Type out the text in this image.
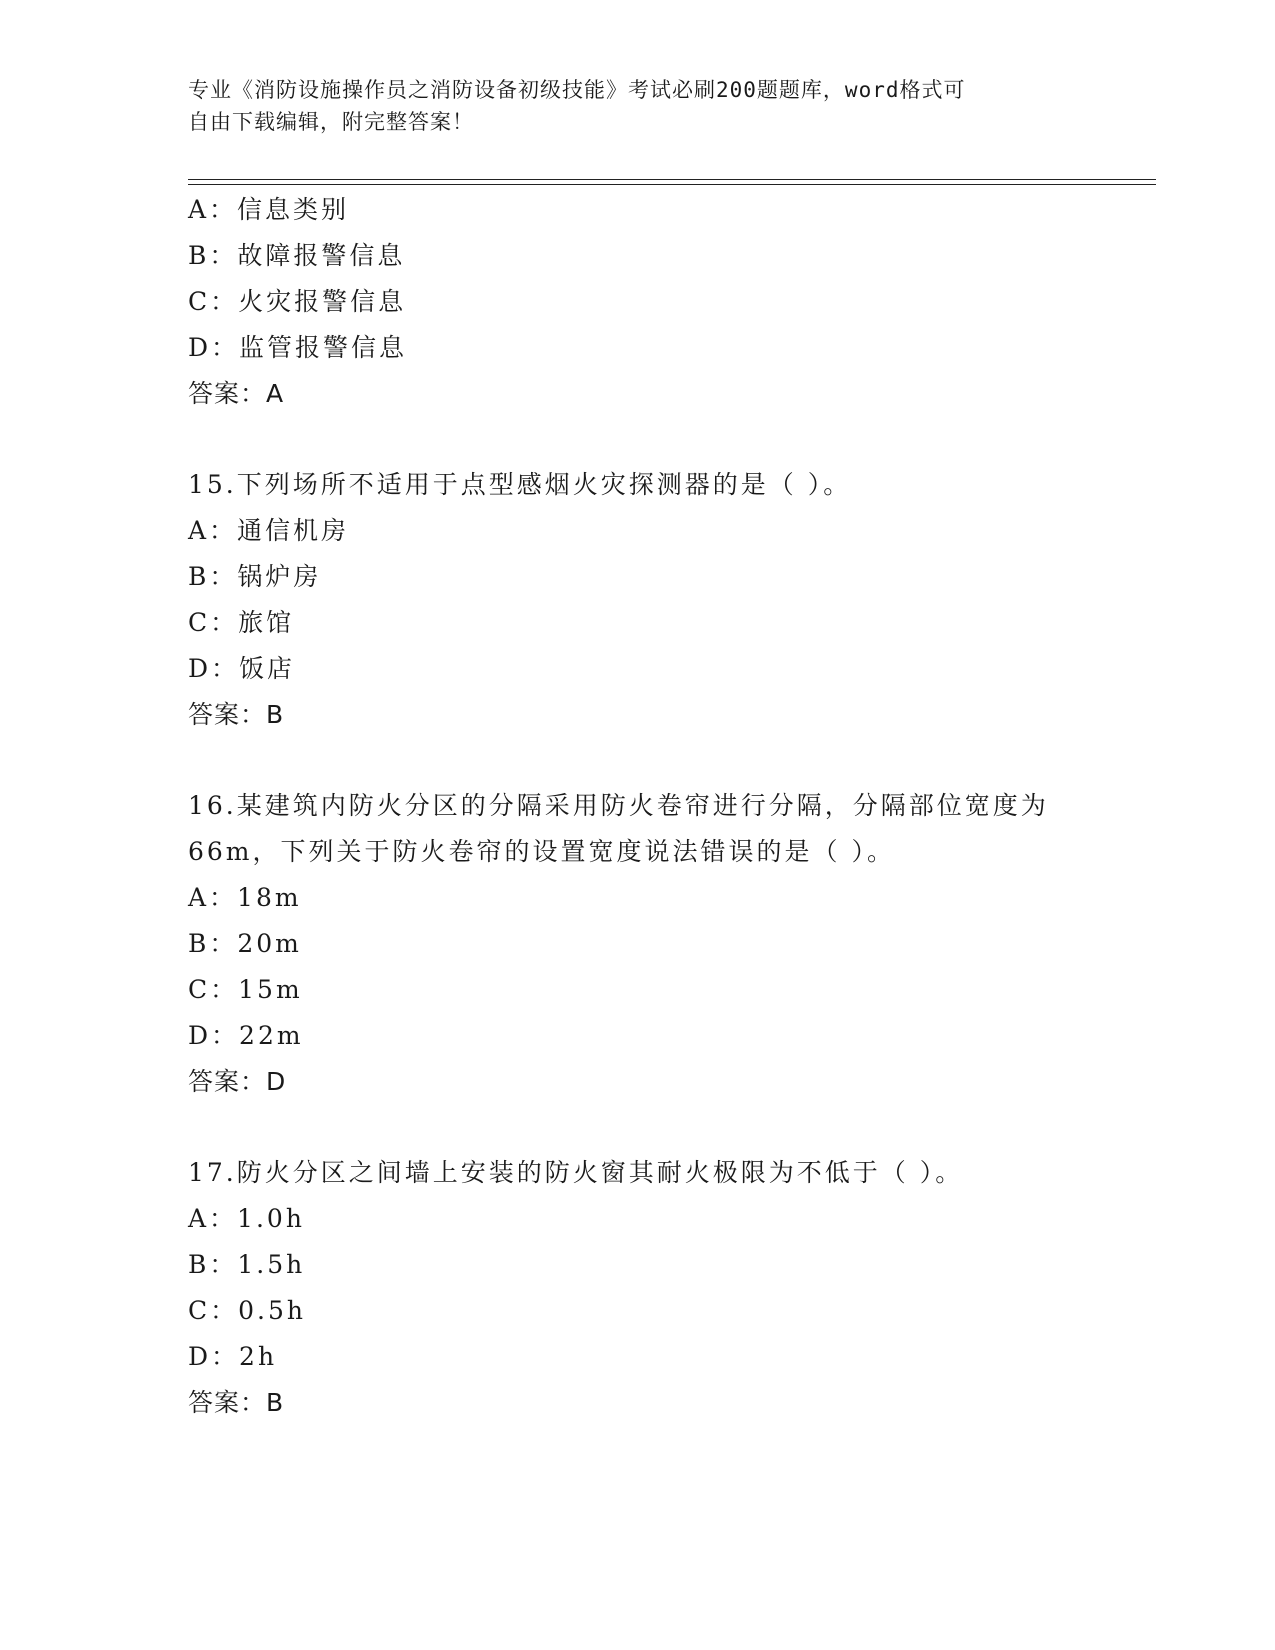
专业《消防设施操作员之消防设备初级技能》考试必刷200题题库，word格式可
自由下载编辑，附完整答案！
A：信息类别
B：故障报警信息
C：火灾报警信息
D：监管报警信息
答案：A
15.下列场所不适用于点型感烟火灾探测器的是（ ）。
A：通信机房
B：锅炉房
C：旅馆
D：饭店
答案：B
16.某建筑内防火分区的分隔采用防火卷帘进行分隔，分隔部位宽度为
66m，下列关于防火卷帘的设置宽度说法错误的是（ ）。
A：18m
B：20m
C：15m
D：22m
答案：D
17.防火分区之间墙上安装的防火窗其耐火极限为不低于（ ）。
A：1.0h
B：1.5h
C：0.5h
D：2h
答案：B
